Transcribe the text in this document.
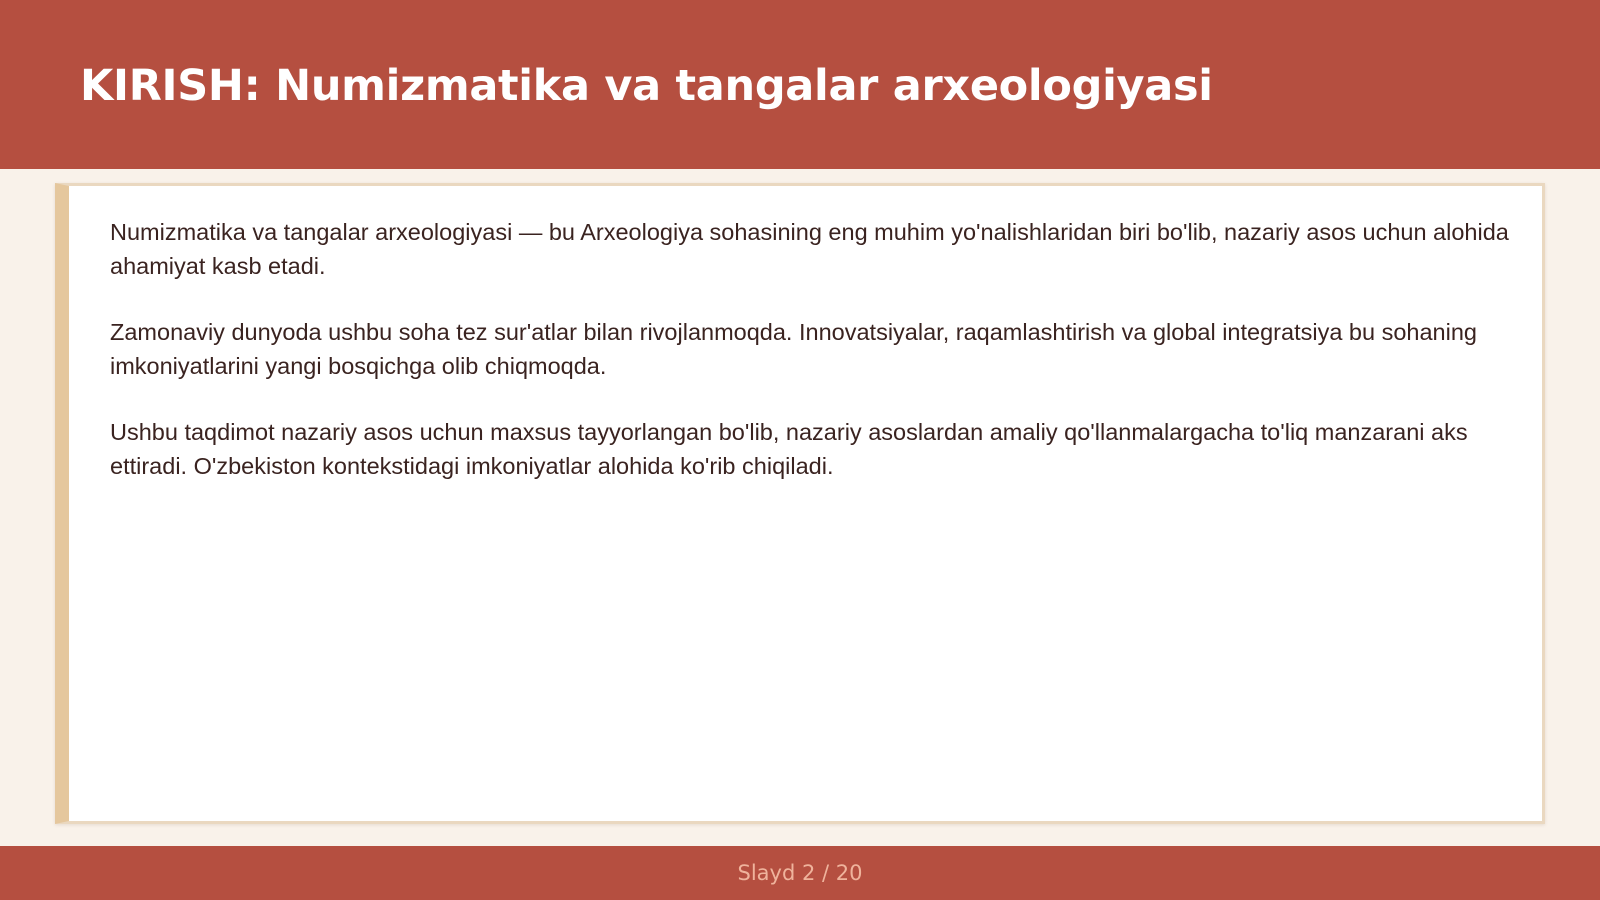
KIRISH: Numizmatika va tangalar arxeologiyasi

Numizmatika va tangalar arxeologiyasi — bu Arxeologiya sohasining eng muhim yo'nalishlaridan biri bo'lib, nazariy asos uchun alohida ahamiyat kasb etadi.

Zamonaviy dunyoda ushbu soha tez sur'atlar bilan rivojlanmoqda. Innovatsiyalar, raqamlashtirish va global integratsiya bu sohaning imkoniyatlarini yangi bosqichga olib chiqmoqda.

Ushbu taqdimot nazariy asos uchun maxsus tayyorlangan bo'lib, nazariy asoslardan amaliy qo'llanmalargacha to'liq manzarani aks ettiradi. O'zbekiston kontekstidagi imkoniyatlar alohida ko'rib chiqiladi.

Slayd 2 / 20
